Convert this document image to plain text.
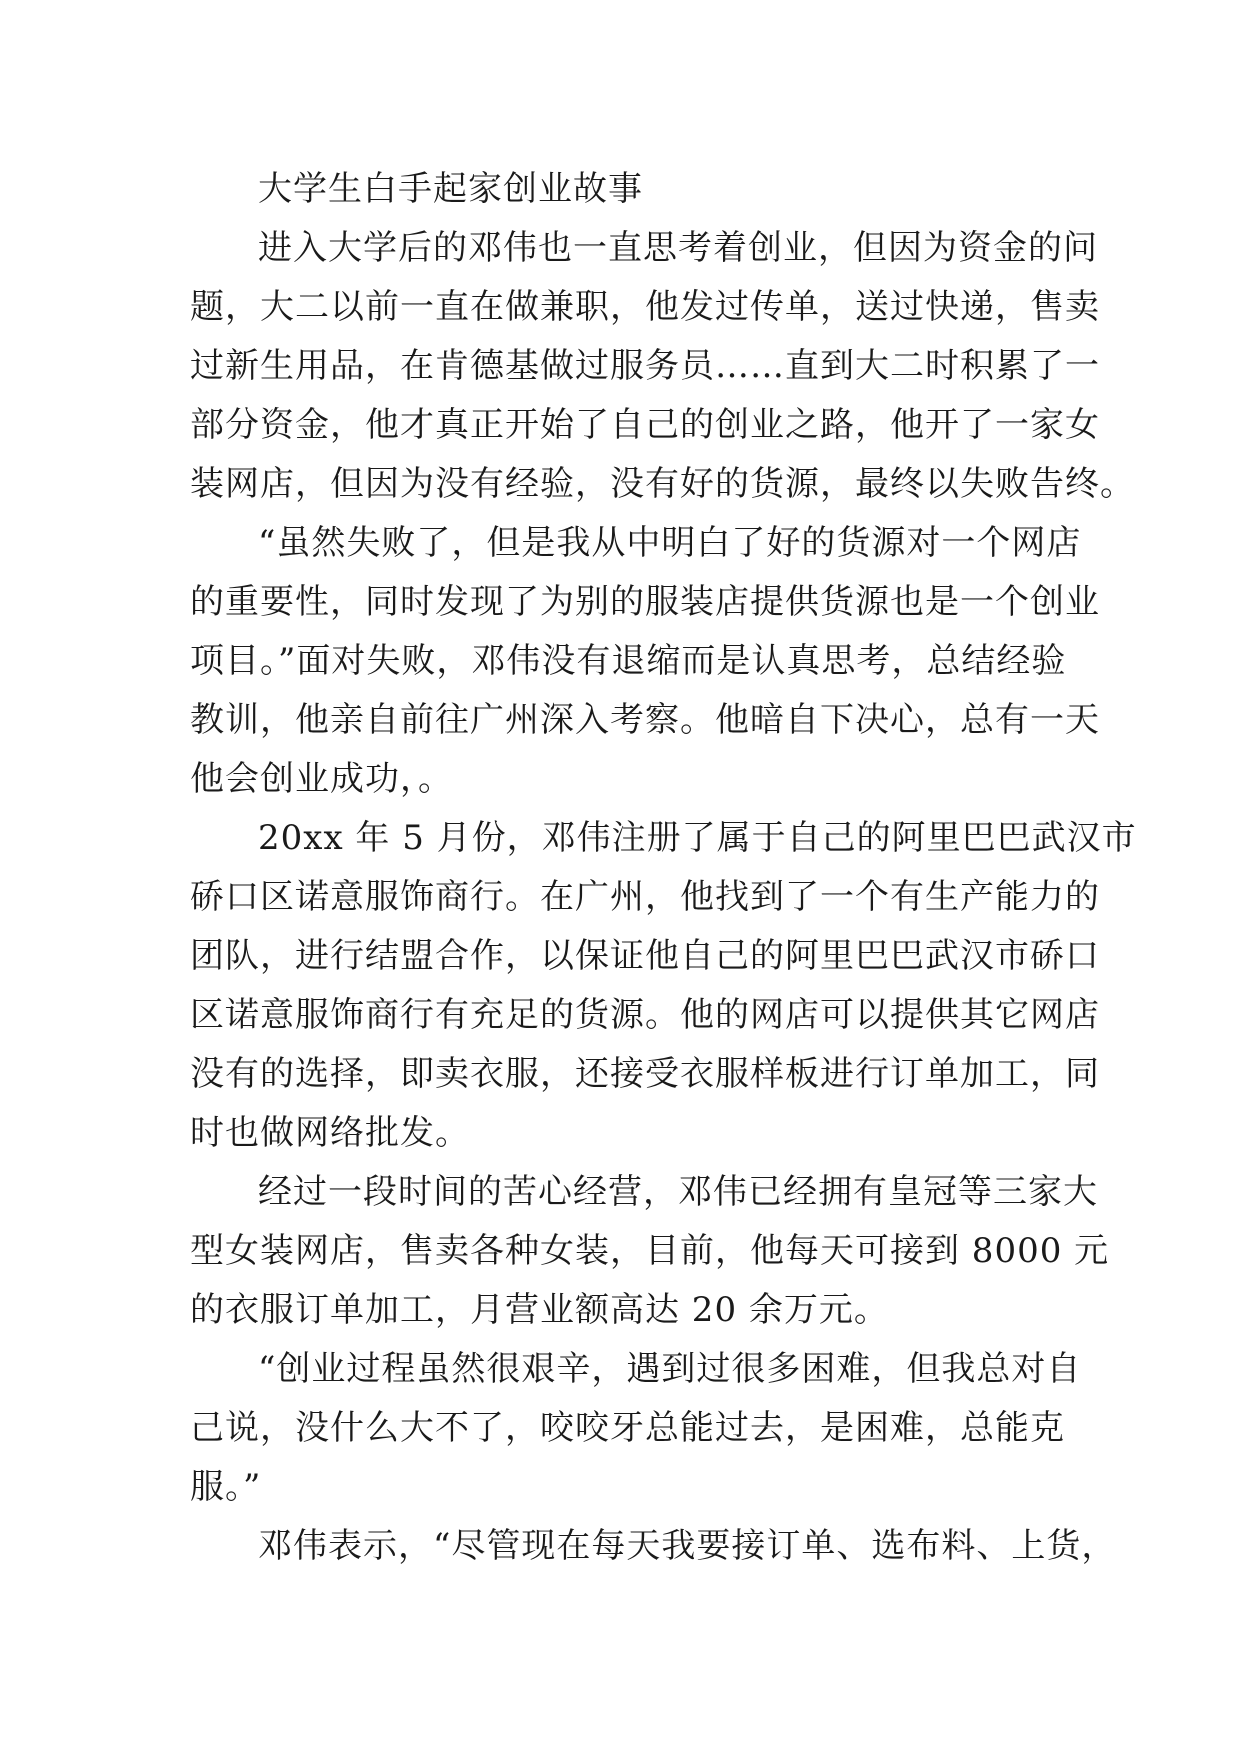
大学生白手起家创业故事
进入大学后的邓伟也一直思考着创业，但因为资金的问
题，大二以前一直在做兼职，他发过传单，送过快递，售卖
过新生用品，在肯德基做过服务员……直到大二时积累了一
部分资金，他才真正开始了自己的创业之路，他开了一家女
装网店，但因为没有经验，没有好的货源，最终以失败告终。
“虽然失败了，但是我从中明白了好的货源对一个网店
的重要性，同时发现了为别的服装店提供货源也是一个创业
项目。”面对失败，邓伟没有退缩而是认真思考，总结经验
教训，他亲自前往广州深入考察。他暗自下决心，总有一天
他会创业成功，。
20xx 年 5 月份，邓伟注册了属于自己的阿里巴巴武汉市
硚口区诺意服饰商行。在广州，他找到了一个有生产能力的
团队，进行结盟合作，以保证他自己的阿里巴巴武汉市硚口
区诺意服饰商行有充足的货源。他的网店可以提供其它网店
没有的选择，即卖衣服，还接受衣服样板进行订单加工，同
时也做网络批发。
经过一段时间的苦心经营，邓伟已经拥有皇冠等三家大
型女装网店，售卖各种女装，目前，他每天可接到 8000 元
的衣服订单加工，月营业额高达 20 余万元。
“创业过程虽然很艰辛，遇到过很多困难，但我总对自
己说，没什么大不了，咬咬牙总能过去，是困难，总能克
服。”
邓伟表示，“尽管现在每天我要接订单、选布料、上货，
